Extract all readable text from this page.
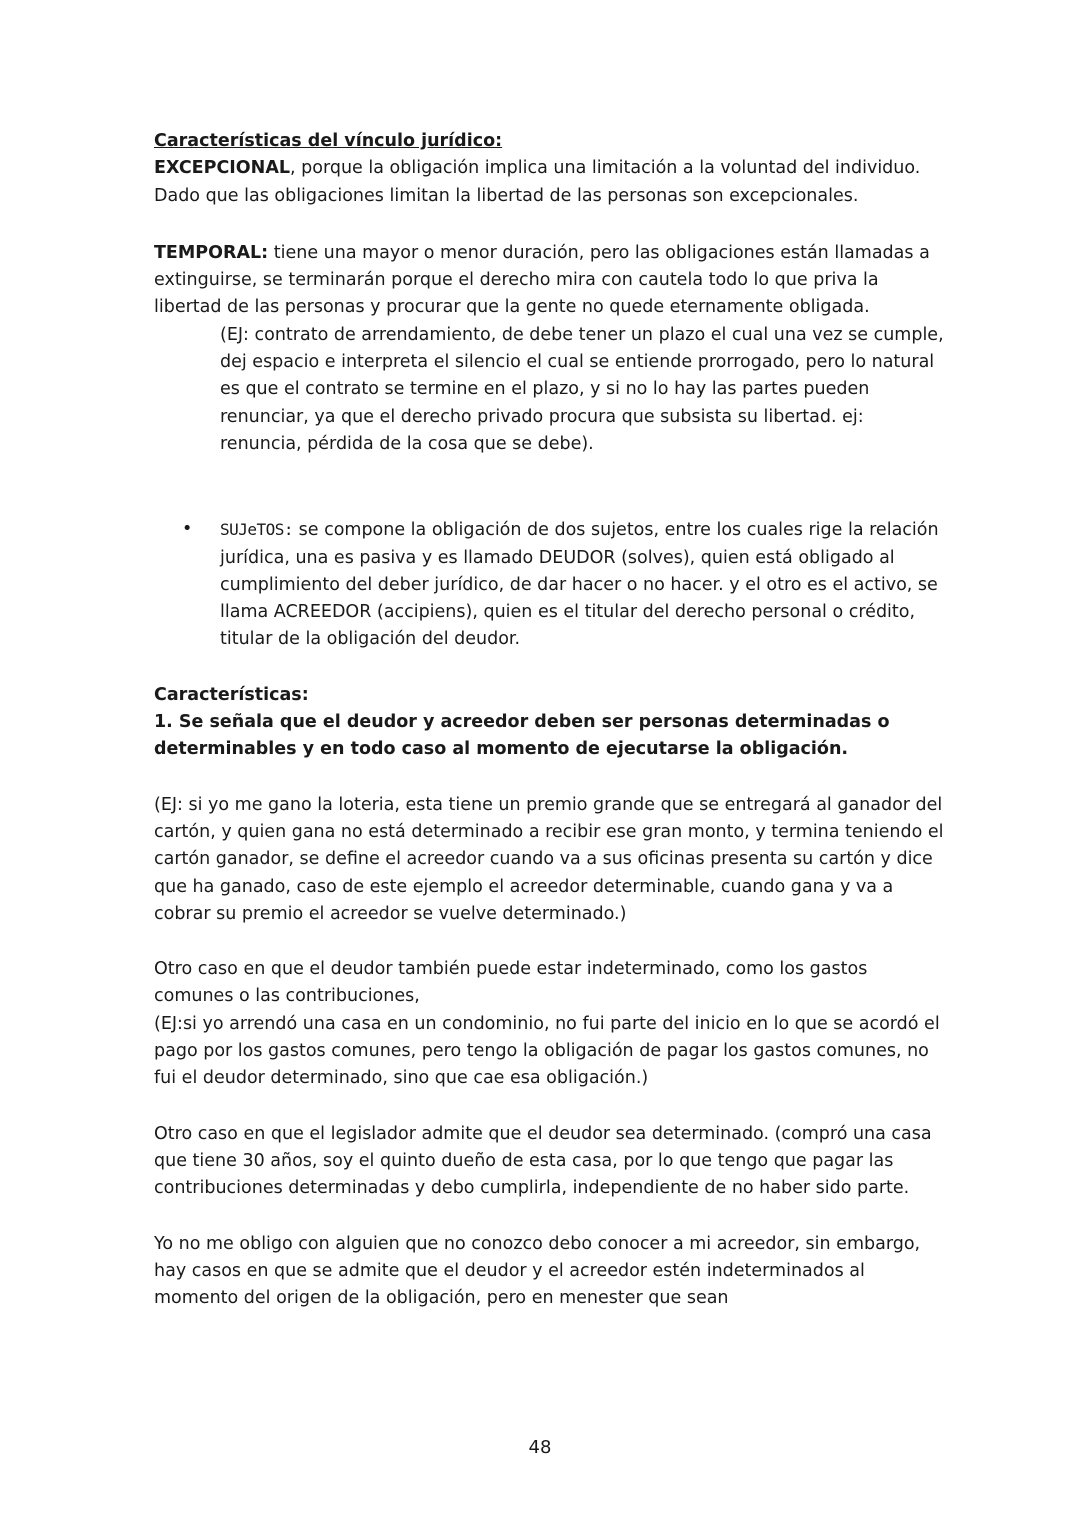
Características del vínculo jurídico:

EXCEPCIONAL, porque la obligación implica una limitación a la voluntad del individuo. Dado que las obligaciones limitan la libertad de las personas son excepcionales.

TEMPORAL: tiene una mayor o menor duración, pero las obligaciones están llamadas a extinguirse, se terminarán porque el derecho mira con cautela todo lo que priva la libertad de las personas y procurar que la gente no quede eternamente obligada.

(EJ: contrato de arrendamiento, de debe tener un plazo el cual una vez se cumple, dej espacio e interpreta el silencio el cual se entiende prorrogado, pero lo natural es que el contrato se termine en el plazo, y si no lo hay las partes pueden renunciar, ya que el derecho privado procura que subsista su libertad. ej: renuncia, pérdida de la cosa que se debe).

• SUJeTOS: se compone la obligación de dos sujetos, entre los cuales rige la relación jurídica, una es pasiva y es llamado DEUDOR (solves), quien está obligado al cumplimiento del deber jurídico, de dar hacer o no hacer. y el otro es el activo, se llama ACREEDOR (accipiens), quien es el titular del derecho personal o crédito, titular de la obligación del deudor.

Características:

1. Se señala que el deudor y acreedor deben ser personas determinadas o determinables y en todo caso al momento de ejecutarse la obligación.

(EJ: si yo me gano la loteria, esta tiene un premio grande que se entregará al ganador del cartón, y quien gana no está determinado a recibir ese gran monto, y termina teniendo el cartón ganador, se define el acreedor cuando va a sus oficinas presenta su cartón y dice que ha ganado, caso de este ejemplo el acreedor determinable, cuando gana y va a cobrar su premio el acreedor se vuelve determinado.)

Otro caso en que el deudor también puede estar indeterminado, como los gastos comunes o las contribuciones,

(EJ:si yo arrendó una casa en un condominio, no fui parte del inicio en lo que se acordó el pago por los gastos comunes, pero tengo la obligación de pagar los gastos comunes, no fui el deudor determinado, sino que cae esa obligación.)

Otro caso en que el legislador admite que el deudor sea determinado. (compró una casa que tiene 30 años, soy el quinto dueño de esta casa, por lo que tengo que pagar las contribuciones determinadas y debo cumplirla, independiente de no haber sido parte.

Yo no me obligo con alguien que no conozco debo conocer a mi acreedor, sin embargo, hay casos en que se admite que el deudor y el acreedor estén indeterminados al momento del origen de la obligación, pero en menester que sean

48
